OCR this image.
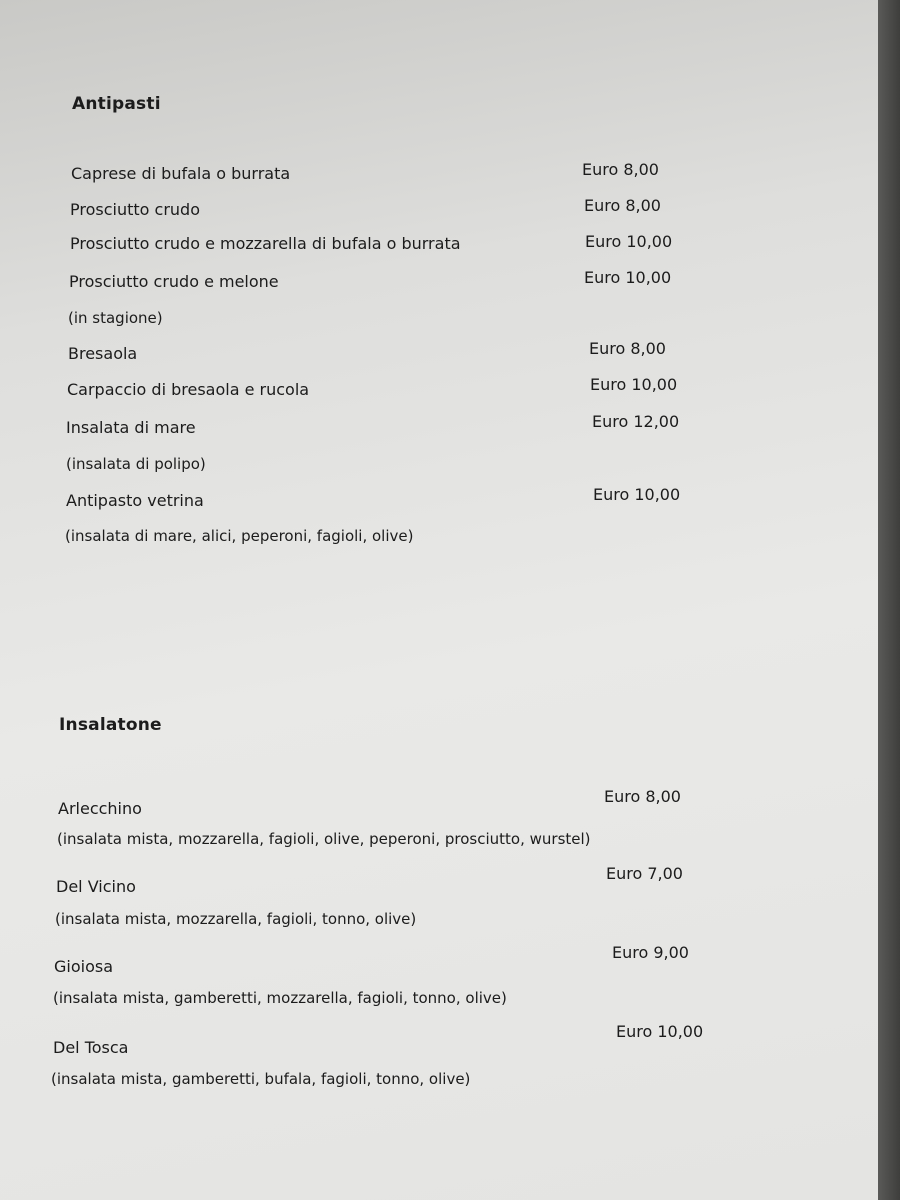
Antipasti
Caprese di bufala o burrata	Euro 8,00
Prosciutto crudo	Euro 8,00
Prosciutto crudo e mozzarella di bufala o burrata	Euro 10,00
Prosciutto crudo e melone	Euro 10,00
(in stagione)
Bresaola	Euro 8,00
Carpaccio di bresaola e rucola	Euro 10,00
Insalata di mare	Euro 12,00
(insalata di polipo)
Antipasto vetrina	Euro 10,00
(insalata di mare, alici, peperoni, fagioli, olive)
Insalatone
Arlecchino
Euro 8,00
(insalata mista, mozzarella, fagioli, olive, peperoni, prosciutto, wurstel)
Del Vicino
Euro 7,00
(insalata mista, mozzarella, fagioli, tonno, olive)
Gioiosa
Euro 9,00
(insalata mista, gamberetti, mozzarella, fagioli, tonno, olive)
Del Tosca
Euro 10,00
(insalata mista, gamberetti, bufala, fagioli, tonno, olive)
